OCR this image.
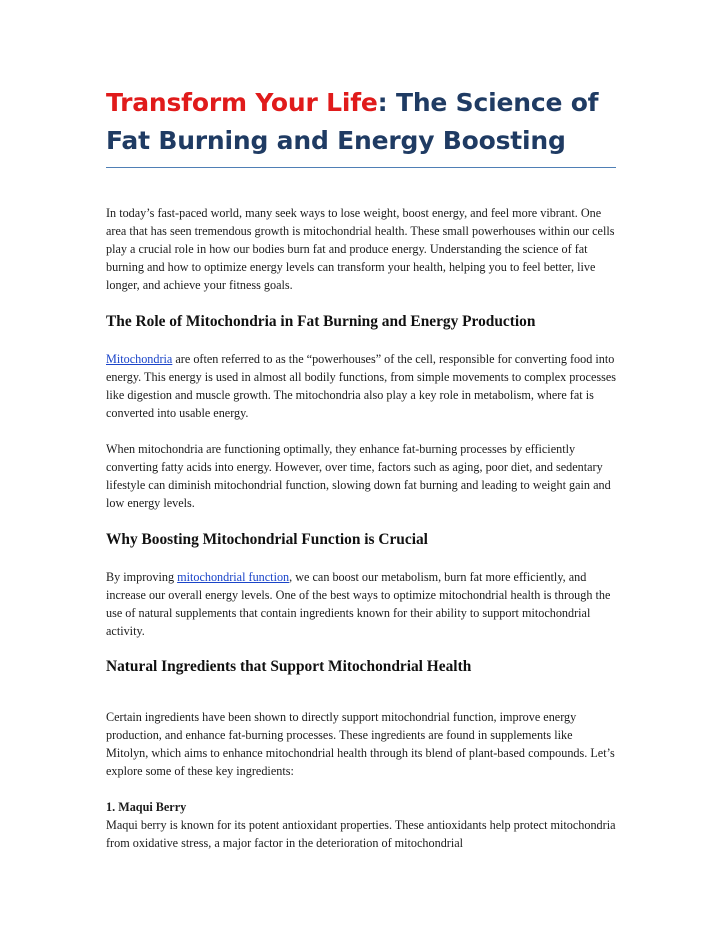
Transform Your Life: The Science of Fat Burning and Energy Boosting

In today’s fast-paced world, many seek ways to lose weight, boost energy, and feel more vibrant. One area that has seen tremendous growth is mitochondrial health. These small powerhouses within our cells play a crucial role in how our bodies burn fat and produce energy. Understanding the science of fat burning and how to optimize energy levels can transform your health, helping you to feel better, live longer, and achieve your fitness goals.

The Role of Mitochondria in Fat Burning and Energy Production

Mitochondria are often referred to as the “powerhouses” of the cell, responsible for converting food into energy. This energy is used in almost all bodily functions, from simple movements to complex processes like digestion and muscle growth. The mitochondria also play a key role in metabolism, where fat is converted into usable energy.

When mitochondria are functioning optimally, they enhance fat-burning processes by efficiently converting fatty acids into energy. However, over time, factors such as aging, poor diet, and sedentary lifestyle can diminish mitochondrial function, slowing down fat burning and leading to weight gain and low energy levels.

Why Boosting Mitochondrial Function is Crucial

By improving mitochondrial function, we can boost our metabolism, burn fat more efficiently, and increase our overall energy levels. One of the best ways to optimize mitochondrial health is through the use of natural supplements that contain ingredients known for their ability to support mitochondrial activity.

Natural Ingredients that Support Mitochondrial Health

Certain ingredients have been shown to directly support mitochondrial function, improve energy production, and enhance fat-burning processes. These ingredients are found in supplements like Mitolyn, which aims to enhance mitochondrial health through its blend of plant-based compounds. Let’s explore some of these key ingredients:

1. Maqui Berry
Maqui berry is known for its potent antioxidant properties. These antioxidants help protect mitochondria from oxidative stress, a major factor in the deterioration of mitochondrial
